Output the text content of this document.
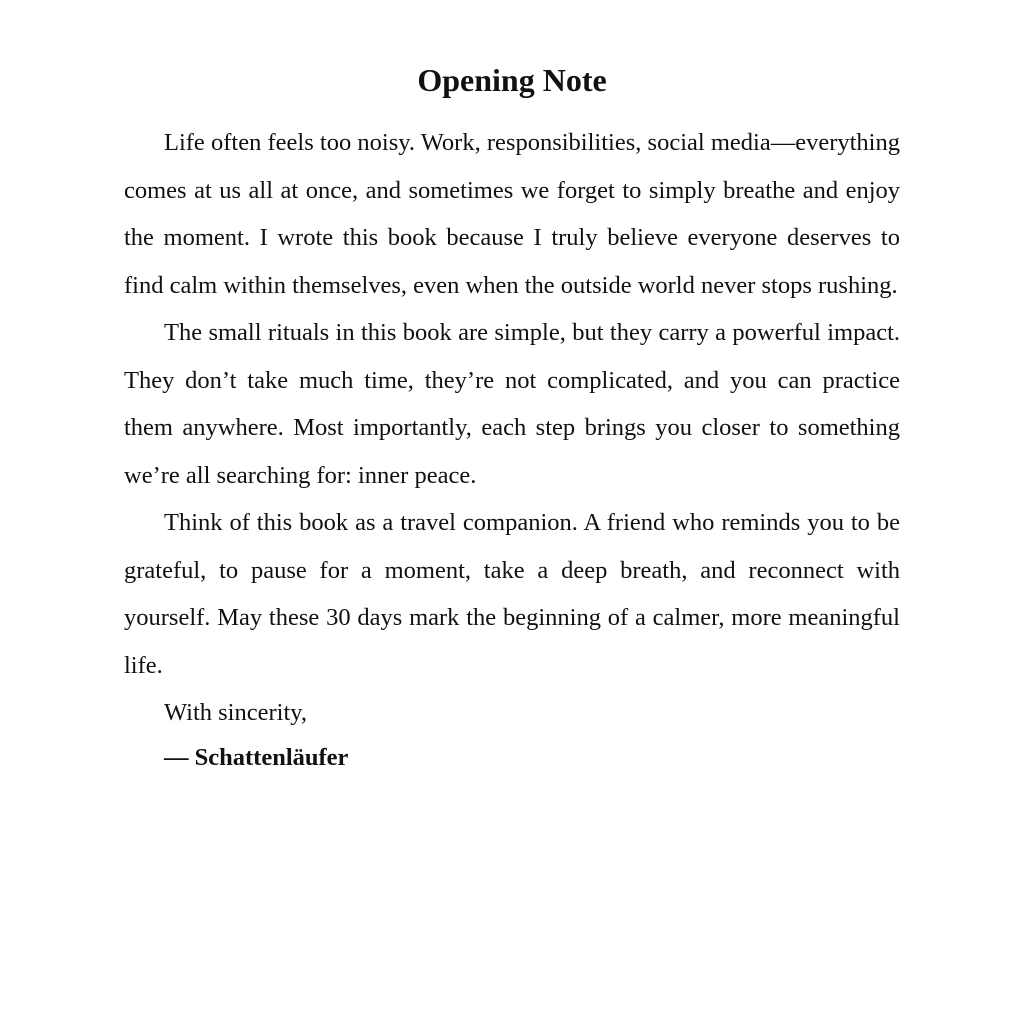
Opening Note

Life often feels too noisy. Work, responsibilities, social media—everything comes at us all at once, and sometimes we forget to simply breathe and enjoy the moment. I wrote this book because I truly believe everyone deserves to find calm within themselves, even when the outside world never stops rushing.

The small rituals in this book are simple, but they carry a powerful impact. They don’t take much time, they’re not complicated, and you can practice them anywhere. Most importantly, each step brings you closer to something we’re all searching for: inner peace.

Think of this book as a travel companion. A friend who reminds you to be grateful, to pause for a moment, take a deep breath, and reconnect with yourself. May these 30 days mark the beginning of a calmer, more meaningful life.

With sincerity,

— Schattenläufer
